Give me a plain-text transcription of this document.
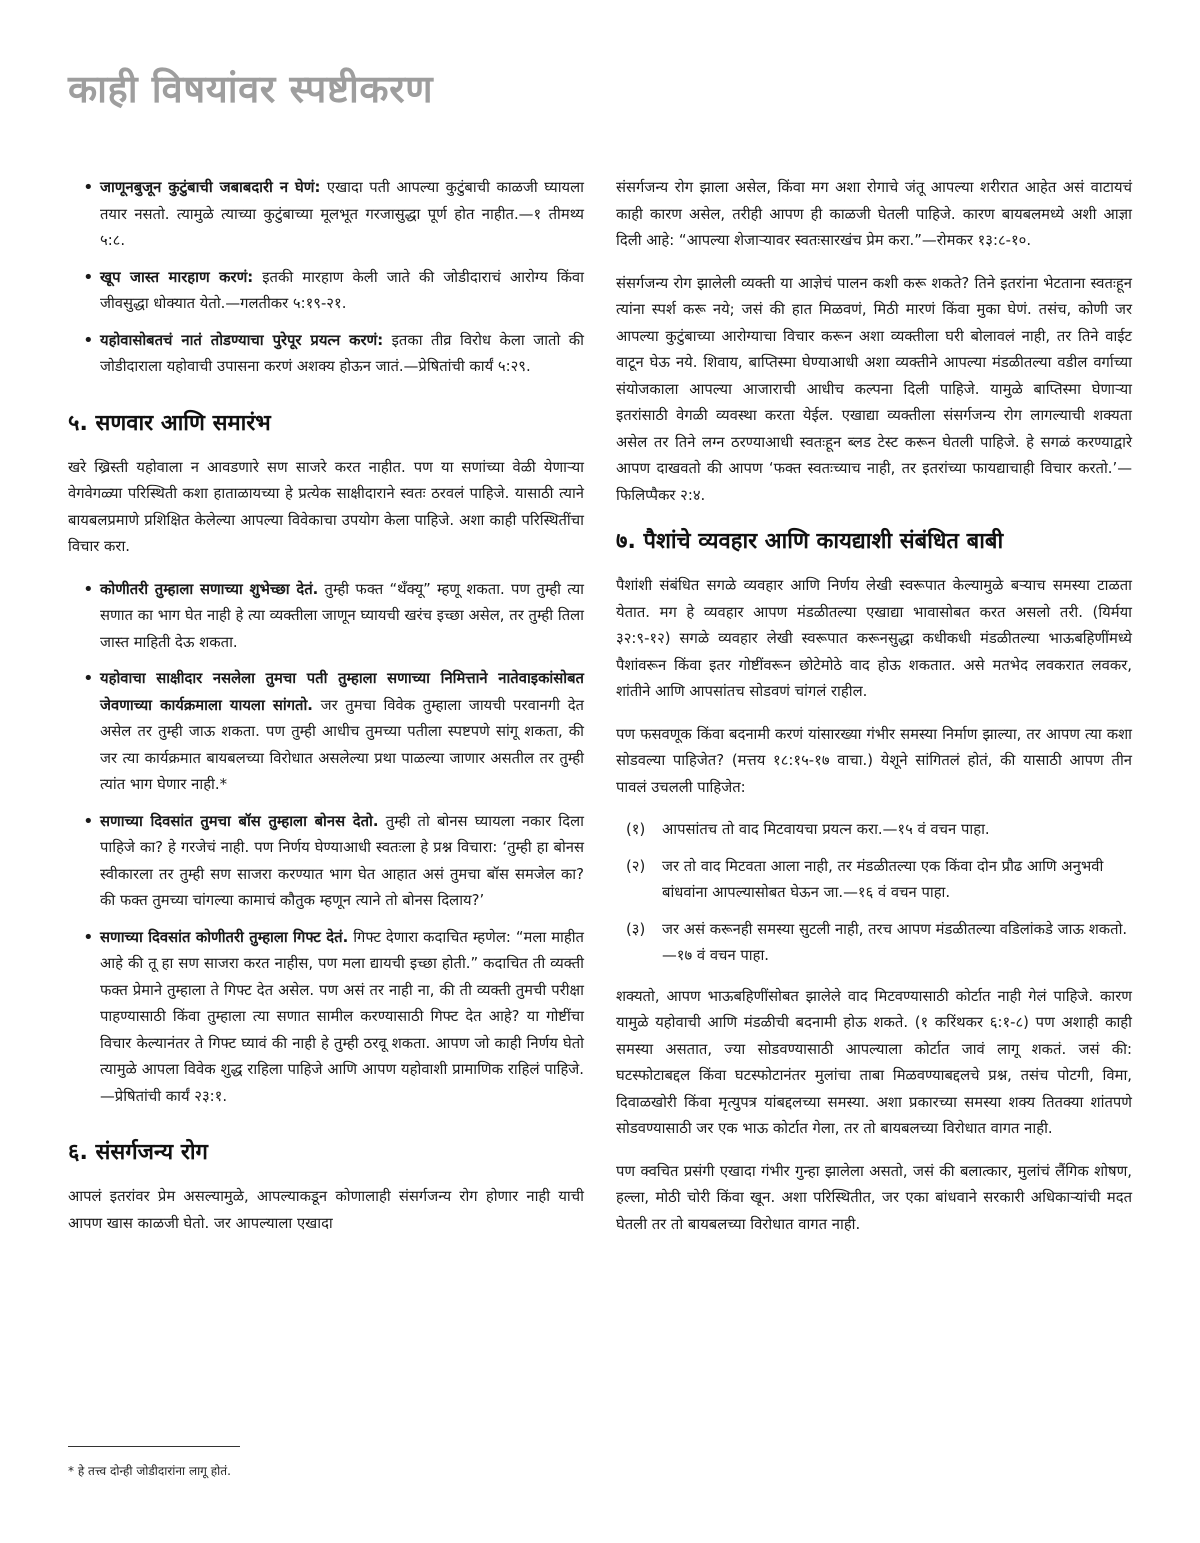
काही विषयांवर स्पष्टीकरण
• जाणूनबुजून कुटुंबाची जबाबदारी न घेणं: एखादा पती आपल्या कुटुंबाची काळजी घ्यायला तयार नसतो. त्यामुळे त्याच्या कुटुंबाच्या मूलभूत गरजासुद्धा पूर्ण होत नाहीत.—१ तीमथ्य ५:८.
• खूप जास्त मारहाण करणं: इतकी मारहाण केली जाते की जोडीदाराचं आरोग्य किंवा जीवसुद्धा धोक्यात येतो.—गलतीकर ५:१९-२१.
• यहोवासोबतचं नातं तोडण्याचा पुरेपूर प्रयत्न करणं: इतका तीव्र विरोध केला जातो की जोडीदाराला यहोवाची उपासना करणं अशक्य होऊन जातं.—प्रेषितांची कार्यं ५:२९.
५. सणवार आणि समारंभ

खरे ख्रिस्ती यहोवाला न आवडणारे सण साजरे करत नाहीत. पण या सणांच्या वेळी येणाऱ्या वेगवेगळ्या परिस्थिती कशा हाताळायच्या हे प्रत्येक साक्षीदाराने स्वतः ठरवलं पाहिजे. यासाठी त्याने बायबलप्रमाणे प्रशिक्षित केलेल्या आपल्या विवेकाचा उपयोग केला पाहिजे. अशा काही परिस्थितींचा विचार करा.

• कोणीतरी तुम्हाला सणाच्या शुभेच्छा देतं. तुम्ही फक्त “थँक्यू” म्हणू शकता. पण तुम्ही त्या सणात का भाग घेत नाही हे त्या व्यक्तीला जाणून घ्यायची खरंच इच्छा असेल, तर तुम्ही तिला जास्त माहिती देऊ शकता.
• यहोवाचा साक्षीदार नसलेला तुमचा पती तुम्हाला सणाच्या निमित्ताने नातेवाइकांसोबत जेवणाच्या कार्यक्रमाला यायला सांगतो. जर तुमचा विवेक तुम्हाला जायची परवानगी देत असेल तर तुम्ही जाऊ शकता. पण तुम्ही आधीच तुमच्या पतीला स्पष्टपणे सांगू शकता, की जर त्या कार्यक्रमात बायबलच्या विरोधात असलेल्या प्रथा पाळल्या जाणार असतील तर तुम्ही त्यांत भाग घेणार नाही.*
• सणाच्या दिवसांत तुमचा बॉस तुम्हाला बोनस देतो. तुम्ही तो बोनस घ्यायला नकार दिला पाहिजे का? हे गरजेचं नाही. पण निर्णय घेण्याआधी स्वतःला हे प्रश्न विचारा: ‘तुम्ही हा बोनस स्वीकारला तर तुम्ही सण साजरा करण्यात भाग घेत आहात असं तुमचा बॉस समजेल का? की फक्त तुमच्या चांगल्या कामाचं कौतुक म्हणून त्याने तो बोनस दिलाय?’
• सणाच्या दिवसांत कोणीतरी तुम्हाला गिफ्ट देतं. गिफ्ट देणारा कदाचित म्हणेल: “मला माहीत आहे की तू हा सण साजरा करत नाहीस, पण मला द्यायची इच्छा होती.” कदाचित ती व्यक्ती फक्त प्रेमाने तुम्हाला ते गिफ्ट देत असेल. पण असं तर नाही ना, की ती व्यक्ती तुमची परीक्षा पाहण्यासाठी किंवा तुम्हाला त्या सणात सामील करण्यासाठी गिफ्ट देत आहे? या गोष्टींचा विचार केल्यानंतर ते गिफ्ट घ्यावं की नाही हे तुम्ही ठरवू शकता. आपण जो काही निर्णय घेतो त्यामुळे आपला विवेक शुद्ध राहिला पाहिजे आणि आपण यहोवाशी प्रामाणिक राहिलं पाहिजे.—प्रेषितांची कार्यं २३:१.
६. संसर्गजन्य रोग

आपलं इतरांवर प्रेम असल्यामुळे, आपल्याकडून कोणालाही संसर्गजन्य रोग होणार नाही याची आपण खास काळजी घेतो. जर आपल्याला एखादा

* हे तत्त्व दोन्ही जोडीदारांना लागू होतं.

संसर्गजन्य रोग झाला असेल, किंवा मग अशा रोगाचे जंतू आपल्या शरीरात आहेत असं वाटायचं काही कारण असेल, तरीही आपण ही काळजी घेतली पाहिजे. कारण बायबलमध्ये अशी आज्ञा दिली आहे: “आपल्या शेजाऱ्यावर स्वतःसारखंच प्रेम करा.”—रोमकर १३:८-१०.

संसर्गजन्य रोग झालेली व्यक्ती या आज्ञेचं पालन कशी करू शकते? तिने इतरांना भेटताना स्वतःहून त्यांना स्पर्श करू नये; जसं की हात मिळवणं, मिठी मारणं किंवा मुका घेणं. तसंच, कोणी जर आपल्या कुटुंबाच्या आरोग्याचा विचार करून अशा व्यक्तीला घरी बोलावलं नाही, तर तिने वाईट वाटून घेऊ नये. शिवाय, बाप्तिस्मा घेण्याआधी अशा व्यक्तीने आपल्या मंडळीतल्या वडील वर्गाच्या संयोजकाला आपल्या आजाराची आधीच कल्पना दिली पाहिजे. यामुळे बाप्तिस्मा घेणाऱ्या इतरांसाठी वेगळी व्यवस्था करता येईल. एखाद्या व्यक्तीला संसर्गजन्य रोग लागल्याची शक्यता असेल तर तिने लग्न ठरण्याआधी स्वतःहून ब्लड टेस्ट करून घेतली पाहिजे. हे सगळं करण्याद्वारे आपण दाखवतो की आपण ‘फक्त स्वतःच्याच नाही, तर इतरांच्या फायद्याचाही विचार करतो.’—फिलिप्पैकर २:४.

७. पैशांचे व्यवहार आणि कायद्याशी संबंधित बाबी

पैशांशी संबंधित सगळे व्यवहार आणि निर्णय लेखी स्वरूपात केल्यामुळे बऱ्याच समस्या टाळता येतात. मग हे व्यवहार आपण मंडळीतल्या एखाद्या भावासोबत करत असलो तरी. (यिर्मया ३२:९-१२) सगळे व्यवहार लेखी स्वरूपात करूनसुद्धा कधीकधी मंडळीतल्या भाऊबहिणींमध्ये पैशांवरून किंवा इतर गोष्टींवरून छोटेमोठे वाद होऊ शकतात. असे मतभेद लवकरात लवकर, शांतीने आणि आपसांतच सोडवणं चांगलं राहील.

पण फसवणूक किंवा बदनामी करणं यांसारख्या गंभीर समस्या निर्माण झाल्या, तर आपण त्या कशा सोडवल्या पाहिजेत? (मत्तय १८:१५-१७ वाचा.) येशूने सांगितलं होतं, की यासाठी आपण तीन पावलं उचलली पाहिजेत:

(१) आपसांतच तो वाद मिटवायचा प्रयत्न करा.—१५ वं वचन पाहा.
(२) जर तो वाद मिटवता आला नाही, तर मंडळीतल्या एक किंवा दोन प्रौढ आणि अनुभवी बांधवांना आपल्यासोबत घेऊन जा.—१६ वं वचन पाहा.
(३) जर असं करूनही समस्या सुटली नाही, तरच आपण मंडळीतल्या वडिलांकडे जाऊ शकतो.—१७ वं वचन पाहा.

शक्यतो, आपण भाऊबहिणींसोबत झालेले वाद मिटवण्यासाठी कोर्टात नाही गेलं पाहिजे. कारण यामुळे यहोवाची आणि मंडळीची बदनामी होऊ शकते. (१ करिंथकर ६:१-८) पण अशाही काही समस्या असतात, ज्या सोडवण्यासाठी आपल्याला कोर्टात जावं लागू शकतं. जसं की: घटस्फोटाबद्दल किंवा घटस्फोटानंतर मुलांचा ताबा मिळवण्याबद्दलचे प्रश्न, तसंच पोटगी, विमा, दिवाळखोरी किंवा मृत्युपत्र यांबद्दलच्या समस्या. अशा प्रकारच्या समस्या शक्य तितक्या शांतपणे सोडवण्यासाठी जर एक भाऊ कोर्टात गेला, तर तो बायबलच्या विरोधात वागत नाही.

पण क्वचित प्रसंगी एखादा गंभीर गुन्हा झालेला असतो, जसं की बलात्कार, मुलांचं लैंगिक शोषण, हल्ला, मोठी चोरी किंवा खून. अशा परिस्थितीत, जर एका बांधवाने सरकारी अधिकाऱ्यांची मदत घेतली तर तो बायबलच्या विरोधात वागत नाही.
